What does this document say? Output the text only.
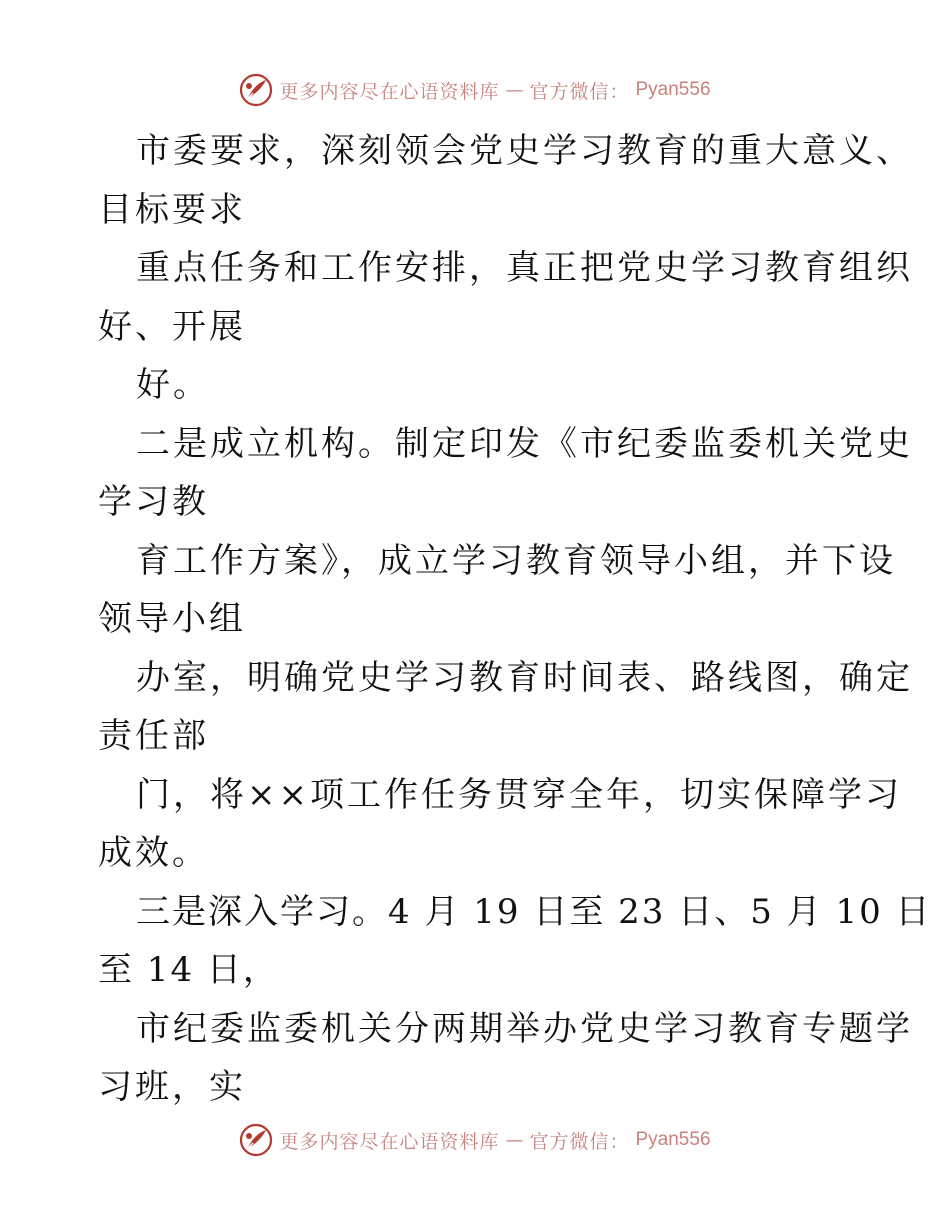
更多内容尽在心语资料库 — 官方微信： Pyan556
市委要求，深刻领会党史学习教育的重大意义、
目标要求
重点任务和工作安排，真正把党史学习教育组织
好、开展
好。
二是成立机构。制定印发《市纪委监委机关党史
学习教
育工作方案》，成立学习教育领导小组，并下设
领导小组
办室，明确党史学习教育时间表、路线图，确定
责任部
门，将××项工作任务贯穿全年，切实保障学习
成效。
三是深入学习。4 月 19 日至 23 日、5 月 10 日
至 14 日，
市纪委监委机关分两期举办党史学习教育专题学
习班，实
更多内容尽在心语资料库 — 官方微信： Pyan556
